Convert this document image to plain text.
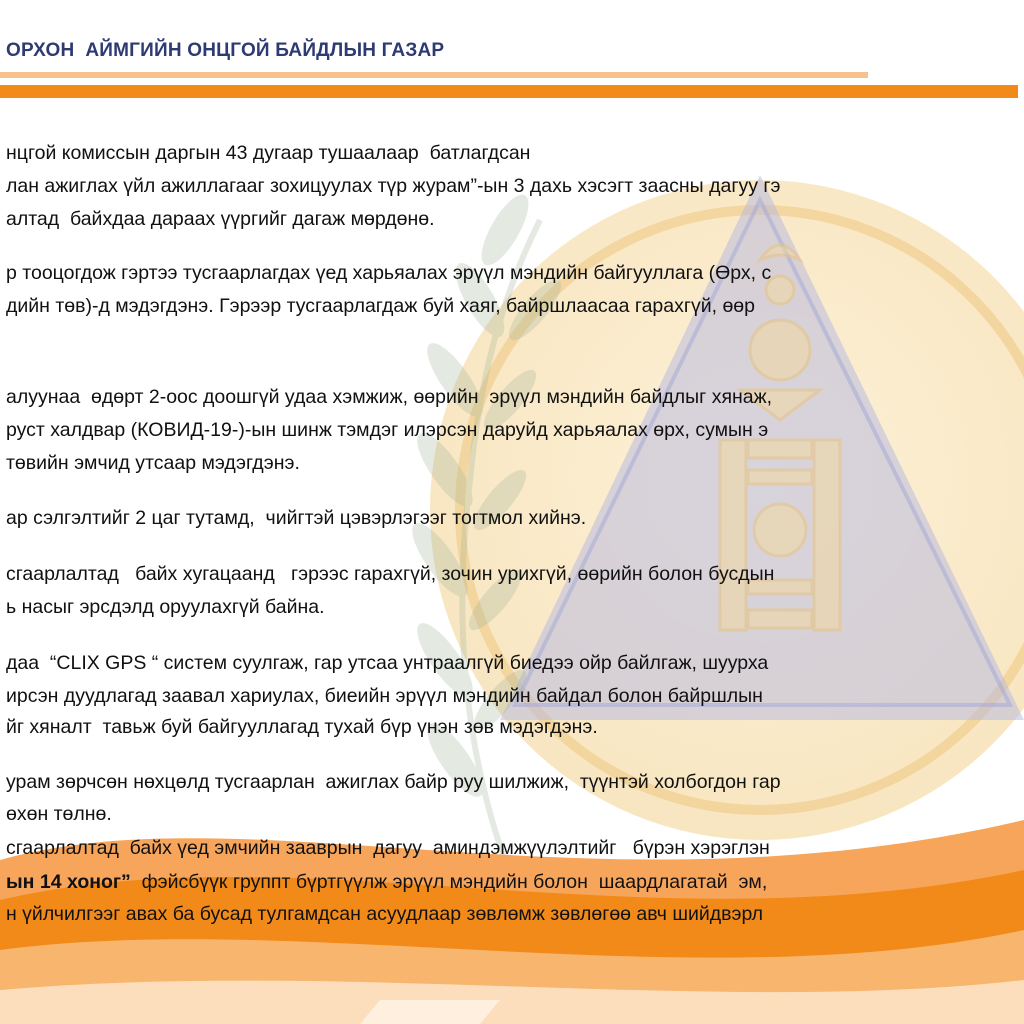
ОРХОН  АЙМГИЙН ОНЦГОЙ БАЙДЛЫН ГАЗАР
нцгой комиссын даргын 43 дугаар тушаалаар  батлагдсан
лан ажиглах үйл ажиллагааг зохицуулах түр журам”-ын 3 дахь хэсэгт заасны дагуу гэ
алтад  байхдаа дараах үүргийг дагаж мөрдөнө.
р тооцогдож гэртээ тусгаарлагдах үед харьяалах эрүүл мэндийн байгууллага (Өрх, с
дийн төв)-д мэдэгдэнэ. Гэрээр тусгаарлагдаж буй хаяг, байршлаасаа гарахгүй, өөр
алуунаа  өдөрт 2-оос доошгүй удаа хэмжиж, өөрийн  эрүүл мэндийн байдлыг хянаж,
руст халдвар (КОВИД-19-)-ын шинж тэмдэг илэрсэн даруйд харьяалах өрх, сумын э
төвийн эмчид утсаар мэдэгдэнэ.
ар сэлгэлтийг 2 цаг тутамд,  чийгтэй цэвэрлэгээг тогтмол хийнэ.
сгаарлалтад   байх хугацаанд   гэрээс гарахгүй, зочин урихгүй, өөрийн болон бусдын
ь насыг эрсдэлд оруулахгүй байна.
даа  “CLIX GPS “ систем суулгаж, гар утсаа унтраалгүй биедээ ойр байлгаж, шуурха
ирсэн дуудлагад заавал хариулах, биеийн эрүүл мэндийн байдал болон байршлын
йг хяналт  тавьж буй байгууллагад тухай бүр үнэн зөв мэдэгдэнэ.
урам зөрчсөн нөхцөлд тусгаарлан  ажиглах байр руу шилжиж,  түүнтэй холбогдон гар
өхөн төлнө.
сгаарлалтад  байх үед эмчийн зааврын  дагуу  аминдэмжүүлэлтийг   бүрэн хэрэглэн
ын 14 хоног”  фэйсбүүк группт бүртгүүлж эрүүл мэндийн болон  шаардлагатай  эм,
н үйлчилгээг авах ба бусад тулгамдсан асуудлаар зөвлөмж зөвлөгөө авч шийдвэрл
